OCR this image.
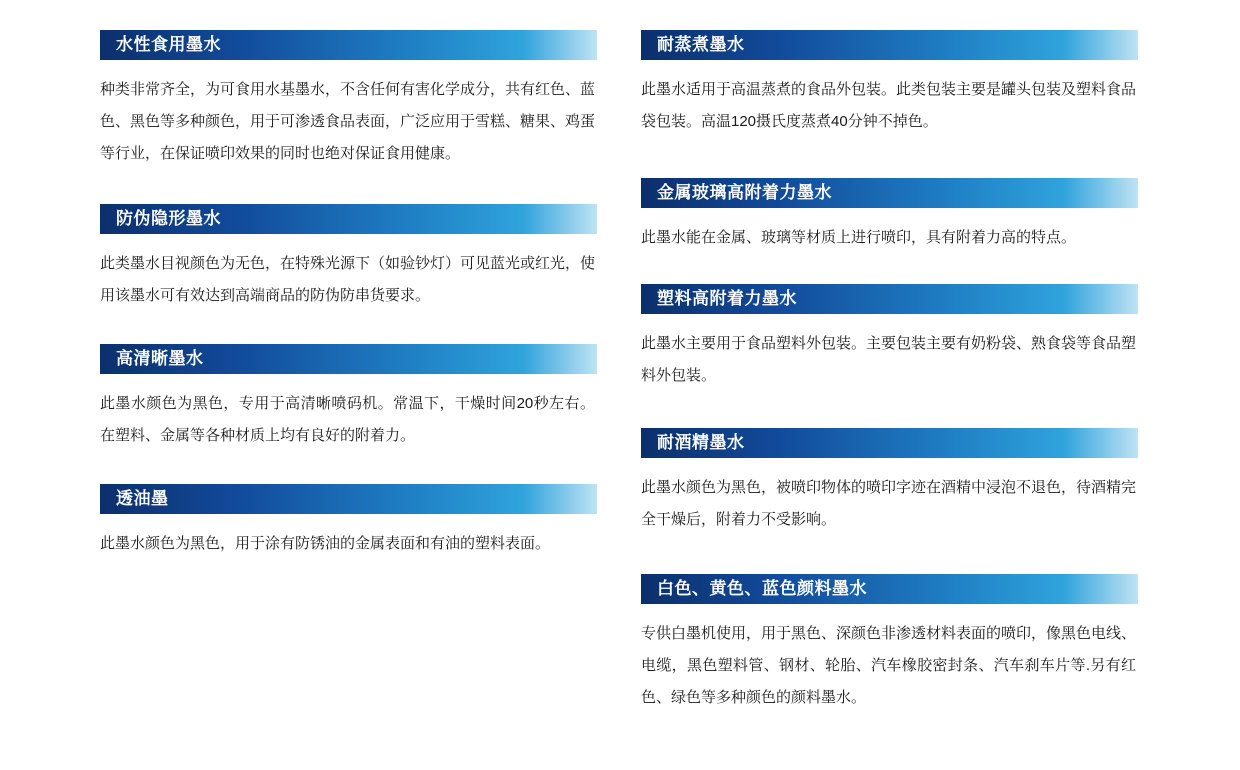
水性食用墨水
种类非常齐全，为可食用水基墨水，不含任何有害化学成分，共有红色、蓝色、黑色等多种颜色，用于可渗透食品表面，广泛应用于雪糕、糖果、鸡蛋等行业，在保证喷印效果的同时也绝对保证食用健康。
防伪隐形墨水
此类墨水目视颜色为无色，在特殊光源下（如验钞灯）可见蓝光或红光，使用该墨水可有效达到高端商品的防伪防串货要求。
高清晰墨水
此墨水颜色为黑色，专用于高清晰喷码机。常温下，干燥时间20秒左右。在塑料、金属等各种材质上均有良好的附着力。
透油墨
此墨水颜色为黑色，用于涂有防锈油的金属表面和有油的塑料表面。
耐蒸煮墨水
此墨水适用于高温蒸煮的食品外包装。此类包装主要是罐头包装及塑料食品袋包装。高温120摄氏度蒸煮40分钟不掉色。
金属玻璃高附着力墨水
此墨水能在金属、玻璃等材质上进行喷印，具有附着力高的特点。
塑料高附着力墨水
此墨水主要用于食品塑料外包装。主要包装主要有奶粉袋、熟食袋等食品塑料外包装。
耐酒精墨水
此墨水颜色为黑色，被喷印物体的喷印字迹在酒精中浸泡不退色，待酒精完全干燥后，附着力不受影响。
白色、黄色、蓝色颜料墨水
专供白墨机使用，用于黑色、深颜色非渗透材料表面的喷印，像黑色电线、电缆，黑色塑料管、钢材、轮胎、汽车橡胶密封条、汽车刹车片等.另有红色、绿色等多种颜色的颜料墨水。
